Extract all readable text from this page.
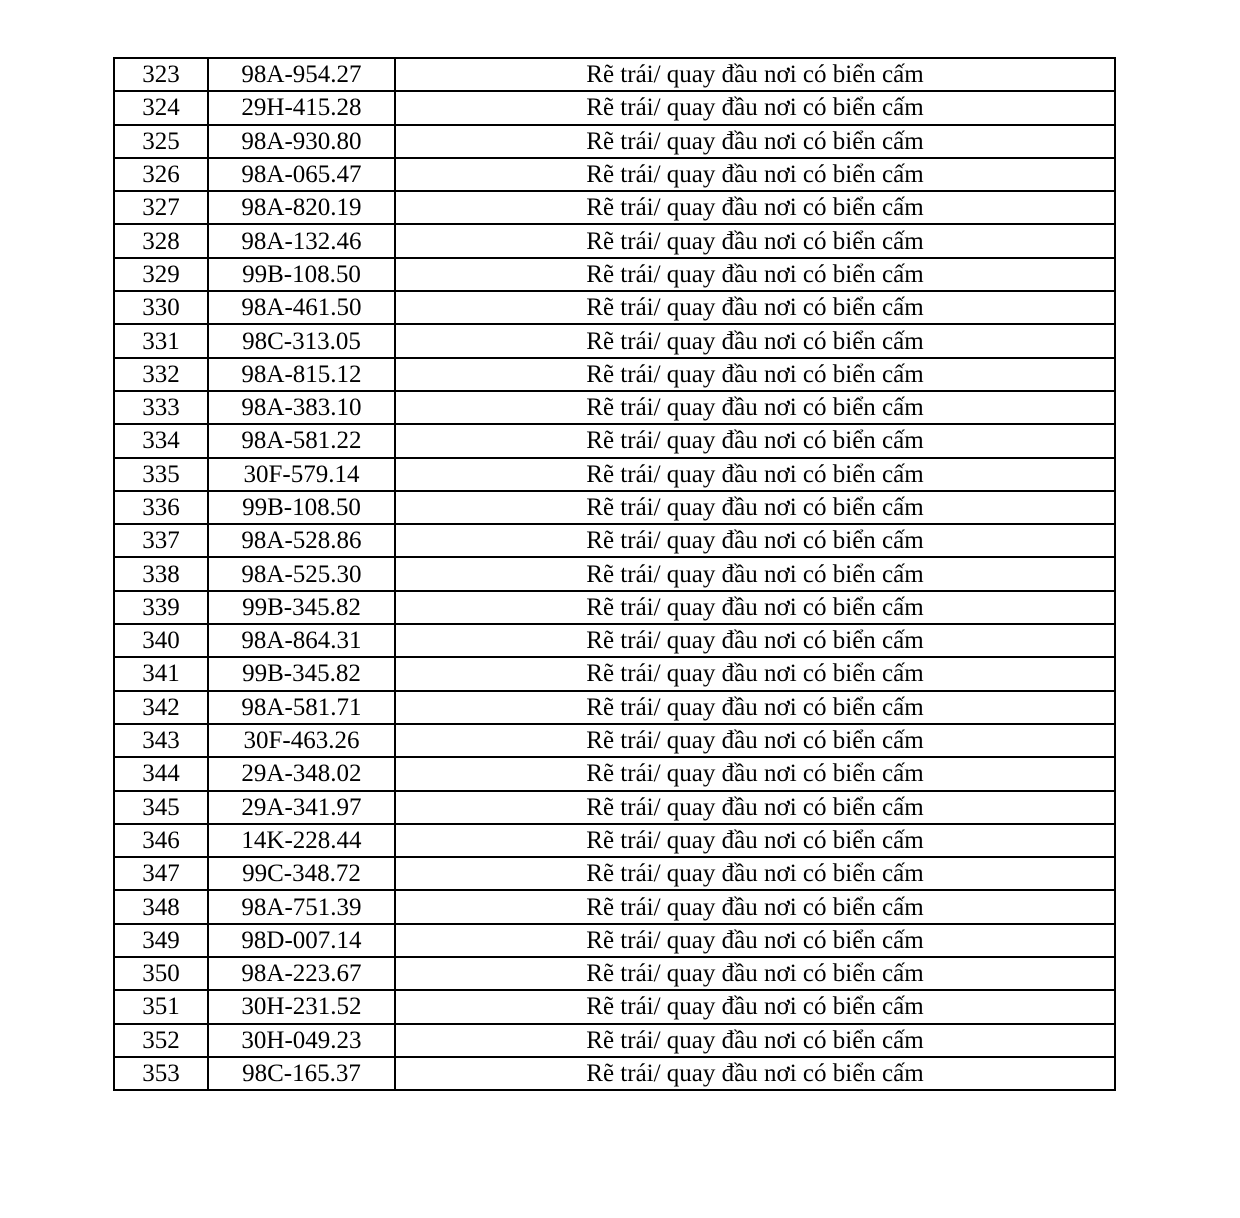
323	98A-954.27	Rẽ trái/ quay đầu nơi có biển cấm
324	29H-415.28	Rẽ trái/ quay đầu nơi có biển cấm
325	98A-930.80	Rẽ trái/ quay đầu nơi có biển cấm
326	98A-065.47	Rẽ trái/ quay đầu nơi có biển cấm
327	98A-820.19	Rẽ trái/ quay đầu nơi có biển cấm
328	98A-132.46	Rẽ trái/ quay đầu nơi có biển cấm
329	99B-108.50	Rẽ trái/ quay đầu nơi có biển cấm
330	98A-461.50	Rẽ trái/ quay đầu nơi có biển cấm
331	98C-313.05	Rẽ trái/ quay đầu nơi có biển cấm
332	98A-815.12	Rẽ trái/ quay đầu nơi có biển cấm
333	98A-383.10	Rẽ trái/ quay đầu nơi có biển cấm
334	98A-581.22	Rẽ trái/ quay đầu nơi có biển cấm
335	30F-579.14	Rẽ trái/ quay đầu nơi có biển cấm
336	99B-108.50	Rẽ trái/ quay đầu nơi có biển cấm
337	98A-528.86	Rẽ trái/ quay đầu nơi có biển cấm
338	98A-525.30	Rẽ trái/ quay đầu nơi có biển cấm
339	99B-345.82	Rẽ trái/ quay đầu nơi có biển cấm
340	98A-864.31	Rẽ trái/ quay đầu nơi có biển cấm
341	99B-345.82	Rẽ trái/ quay đầu nơi có biển cấm
342	98A-581.71	Rẽ trái/ quay đầu nơi có biển cấm
343	30F-463.26	Rẽ trái/ quay đầu nơi có biển cấm
344	29A-348.02	Rẽ trái/ quay đầu nơi có biển cấm
345	29A-341.97	Rẽ trái/ quay đầu nơi có biển cấm
346	14K-228.44	Rẽ trái/ quay đầu nơi có biển cấm
347	99C-348.72	Rẽ trái/ quay đầu nơi có biển cấm
348	98A-751.39	Rẽ trái/ quay đầu nơi có biển cấm
349	98D-007.14	Rẽ trái/ quay đầu nơi có biển cấm
350	98A-223.67	Rẽ trái/ quay đầu nơi có biển cấm
351	30H-231.52	Rẽ trái/ quay đầu nơi có biển cấm
352	30H-049.23	Rẽ trái/ quay đầu nơi có biển cấm
353	98C-165.37	Rẽ trái/ quay đầu nơi có biển cấm
